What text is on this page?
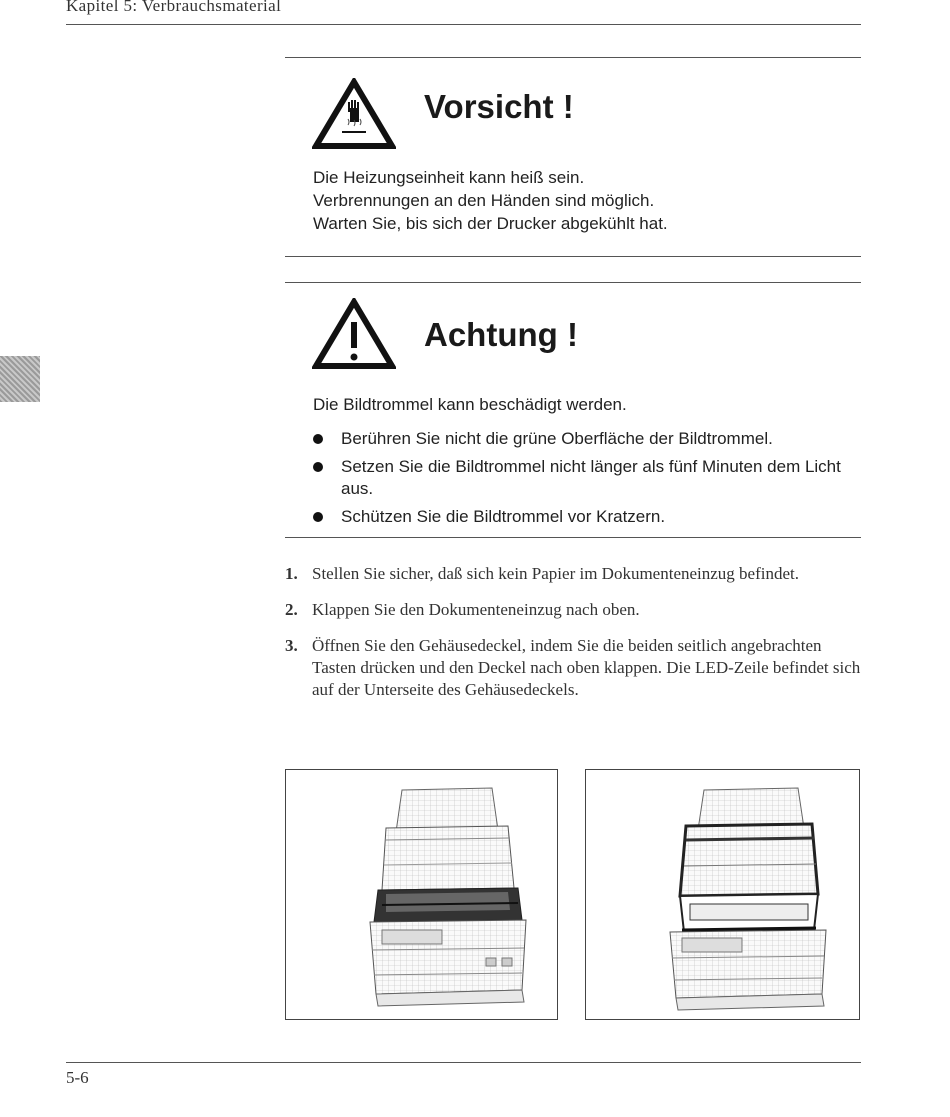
Kapitel 5: Verbrauchsmaterial
Vorsicht !
Die Heizungseinheit kann heiß sein.
Verbrennungen an den Händen sind möglich.
Warten Sie, bis sich der Drucker abgekühlt hat.
Achtung !
Die Bildtrommel kann beschädigt werden.
Berühren Sie nicht die grüne Oberfläche der Bildtrommel.
Setzen Sie die Bildtrommel nicht länger als fünf Minuten dem Licht aus.
Schützen Sie die Bildtrommel vor Kratzern.
1. Stellen Sie sicher, daß sich kein Papier im Dokumenteneinzug befindet.
2. Klappen Sie den Dokumenteneinzug nach oben.
3. Öffnen Sie den Gehäusedeckel, indem Sie die beiden seitlich angebrachten Tasten drücken und den Deckel nach oben klappen. Die LED-Zeile befindet sich auf der Unterseite des Gehäusedeckels.
5-6
